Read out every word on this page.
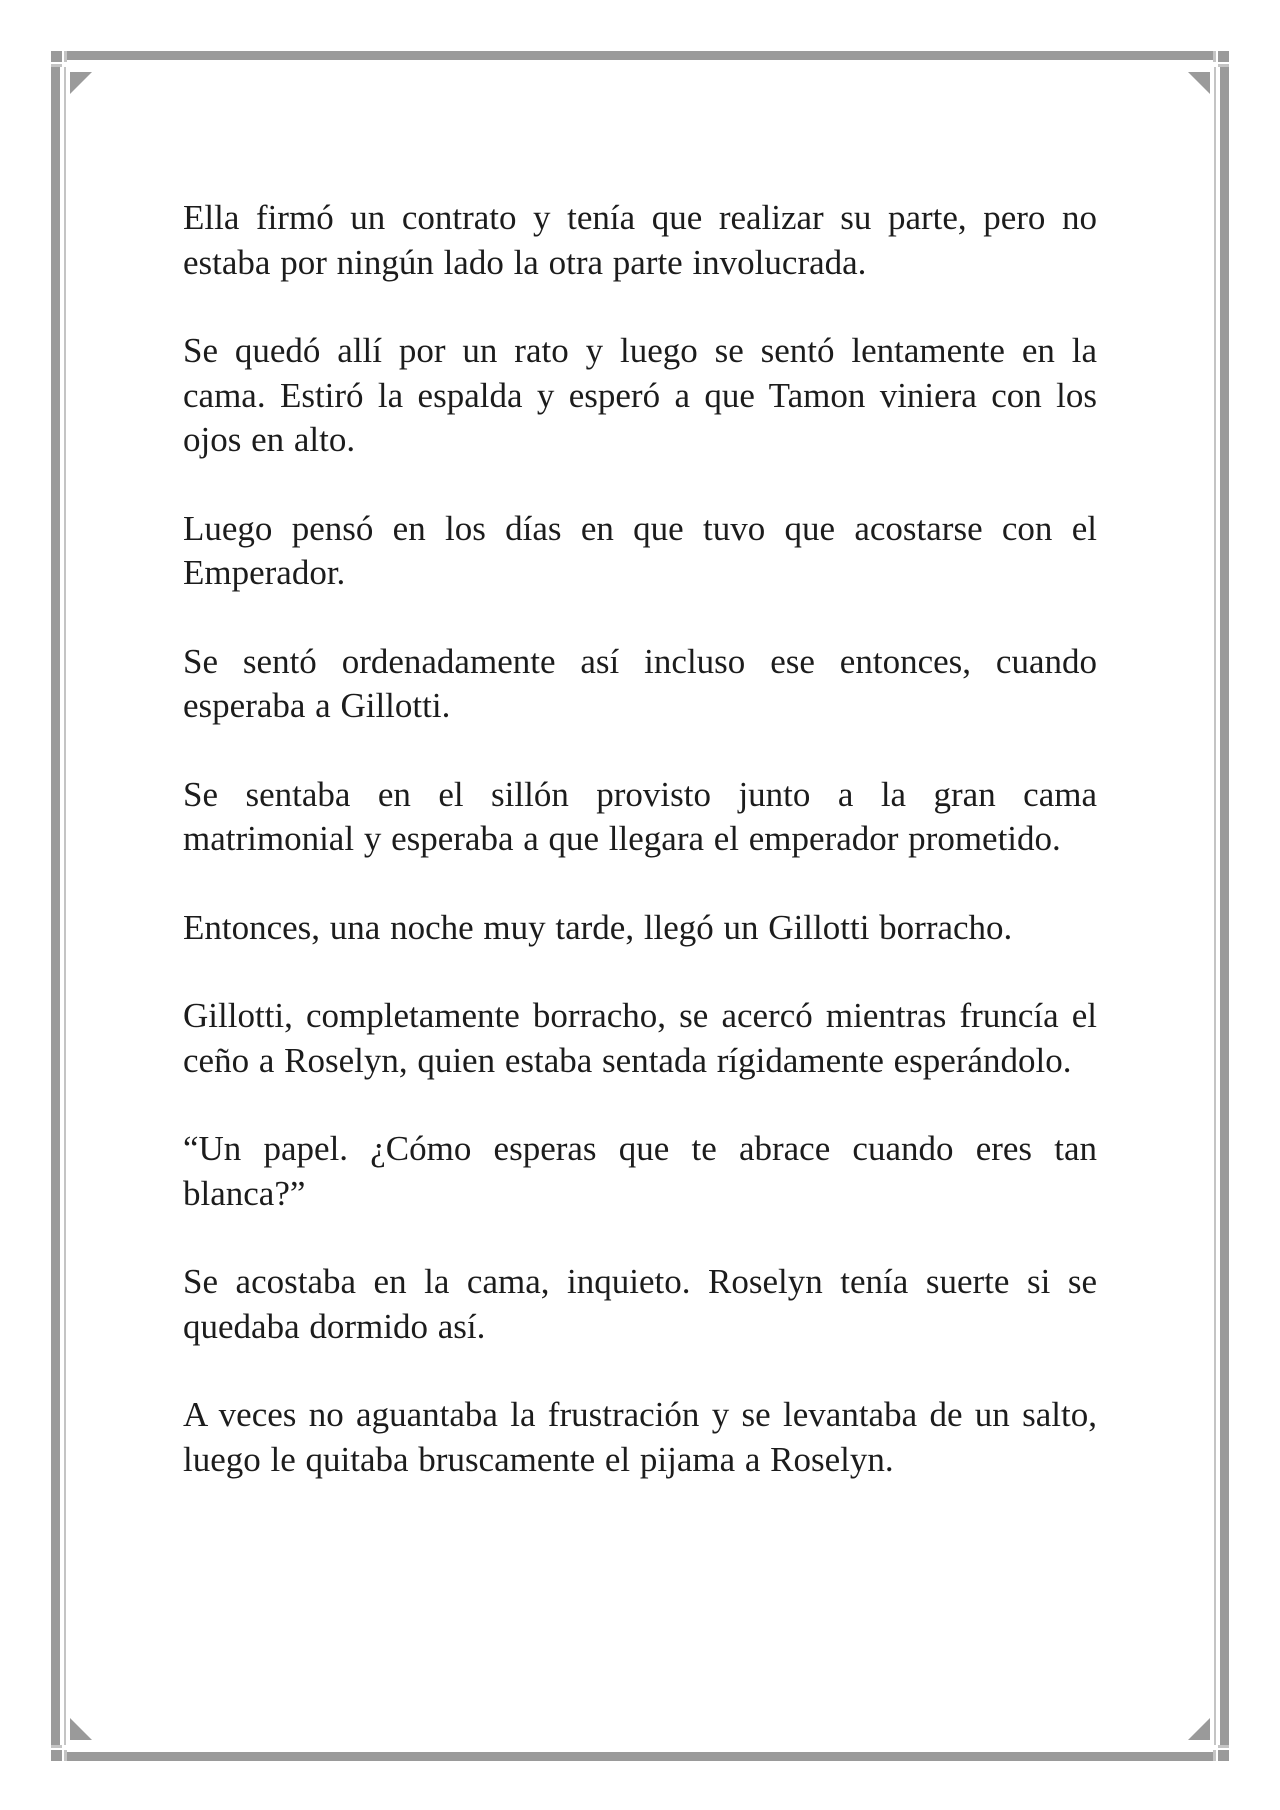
Ella firmó un contrato y tenía que realizar su parte, pero no estaba por ningún lado la otra parte involucrada.

Se quedó allí por un rato y luego se sentó lentamente en la cama. Estiró la espalda y esperó a que Tamon viniera con los ojos en alto.

Luego pensó en los días en que tuvo que acostarse con el Emperador.

Se sentó ordenadamente así incluso ese entonces, cuando esperaba a Gillotti.

Se sentaba en el sillón provisto junto a la gran cama matrimonial y esperaba a que llegara el emperador prometido.

Entonces, una noche muy tarde, llegó un Gillotti borracho.

Gillotti, completamente borracho, se acercó mientras fruncía el ceño a Roselyn, quien estaba sentada rígidamente esperándolo.

“Un papel. ¿Cómo esperas que te abrace cuando eres tan blanca?”

Se acostaba en la cama, inquieto. Roselyn tenía suerte si se quedaba dormido así.

A veces no aguantaba la frustración y se levantaba de un salto, luego le quitaba bruscamente el pijama a Roselyn.
